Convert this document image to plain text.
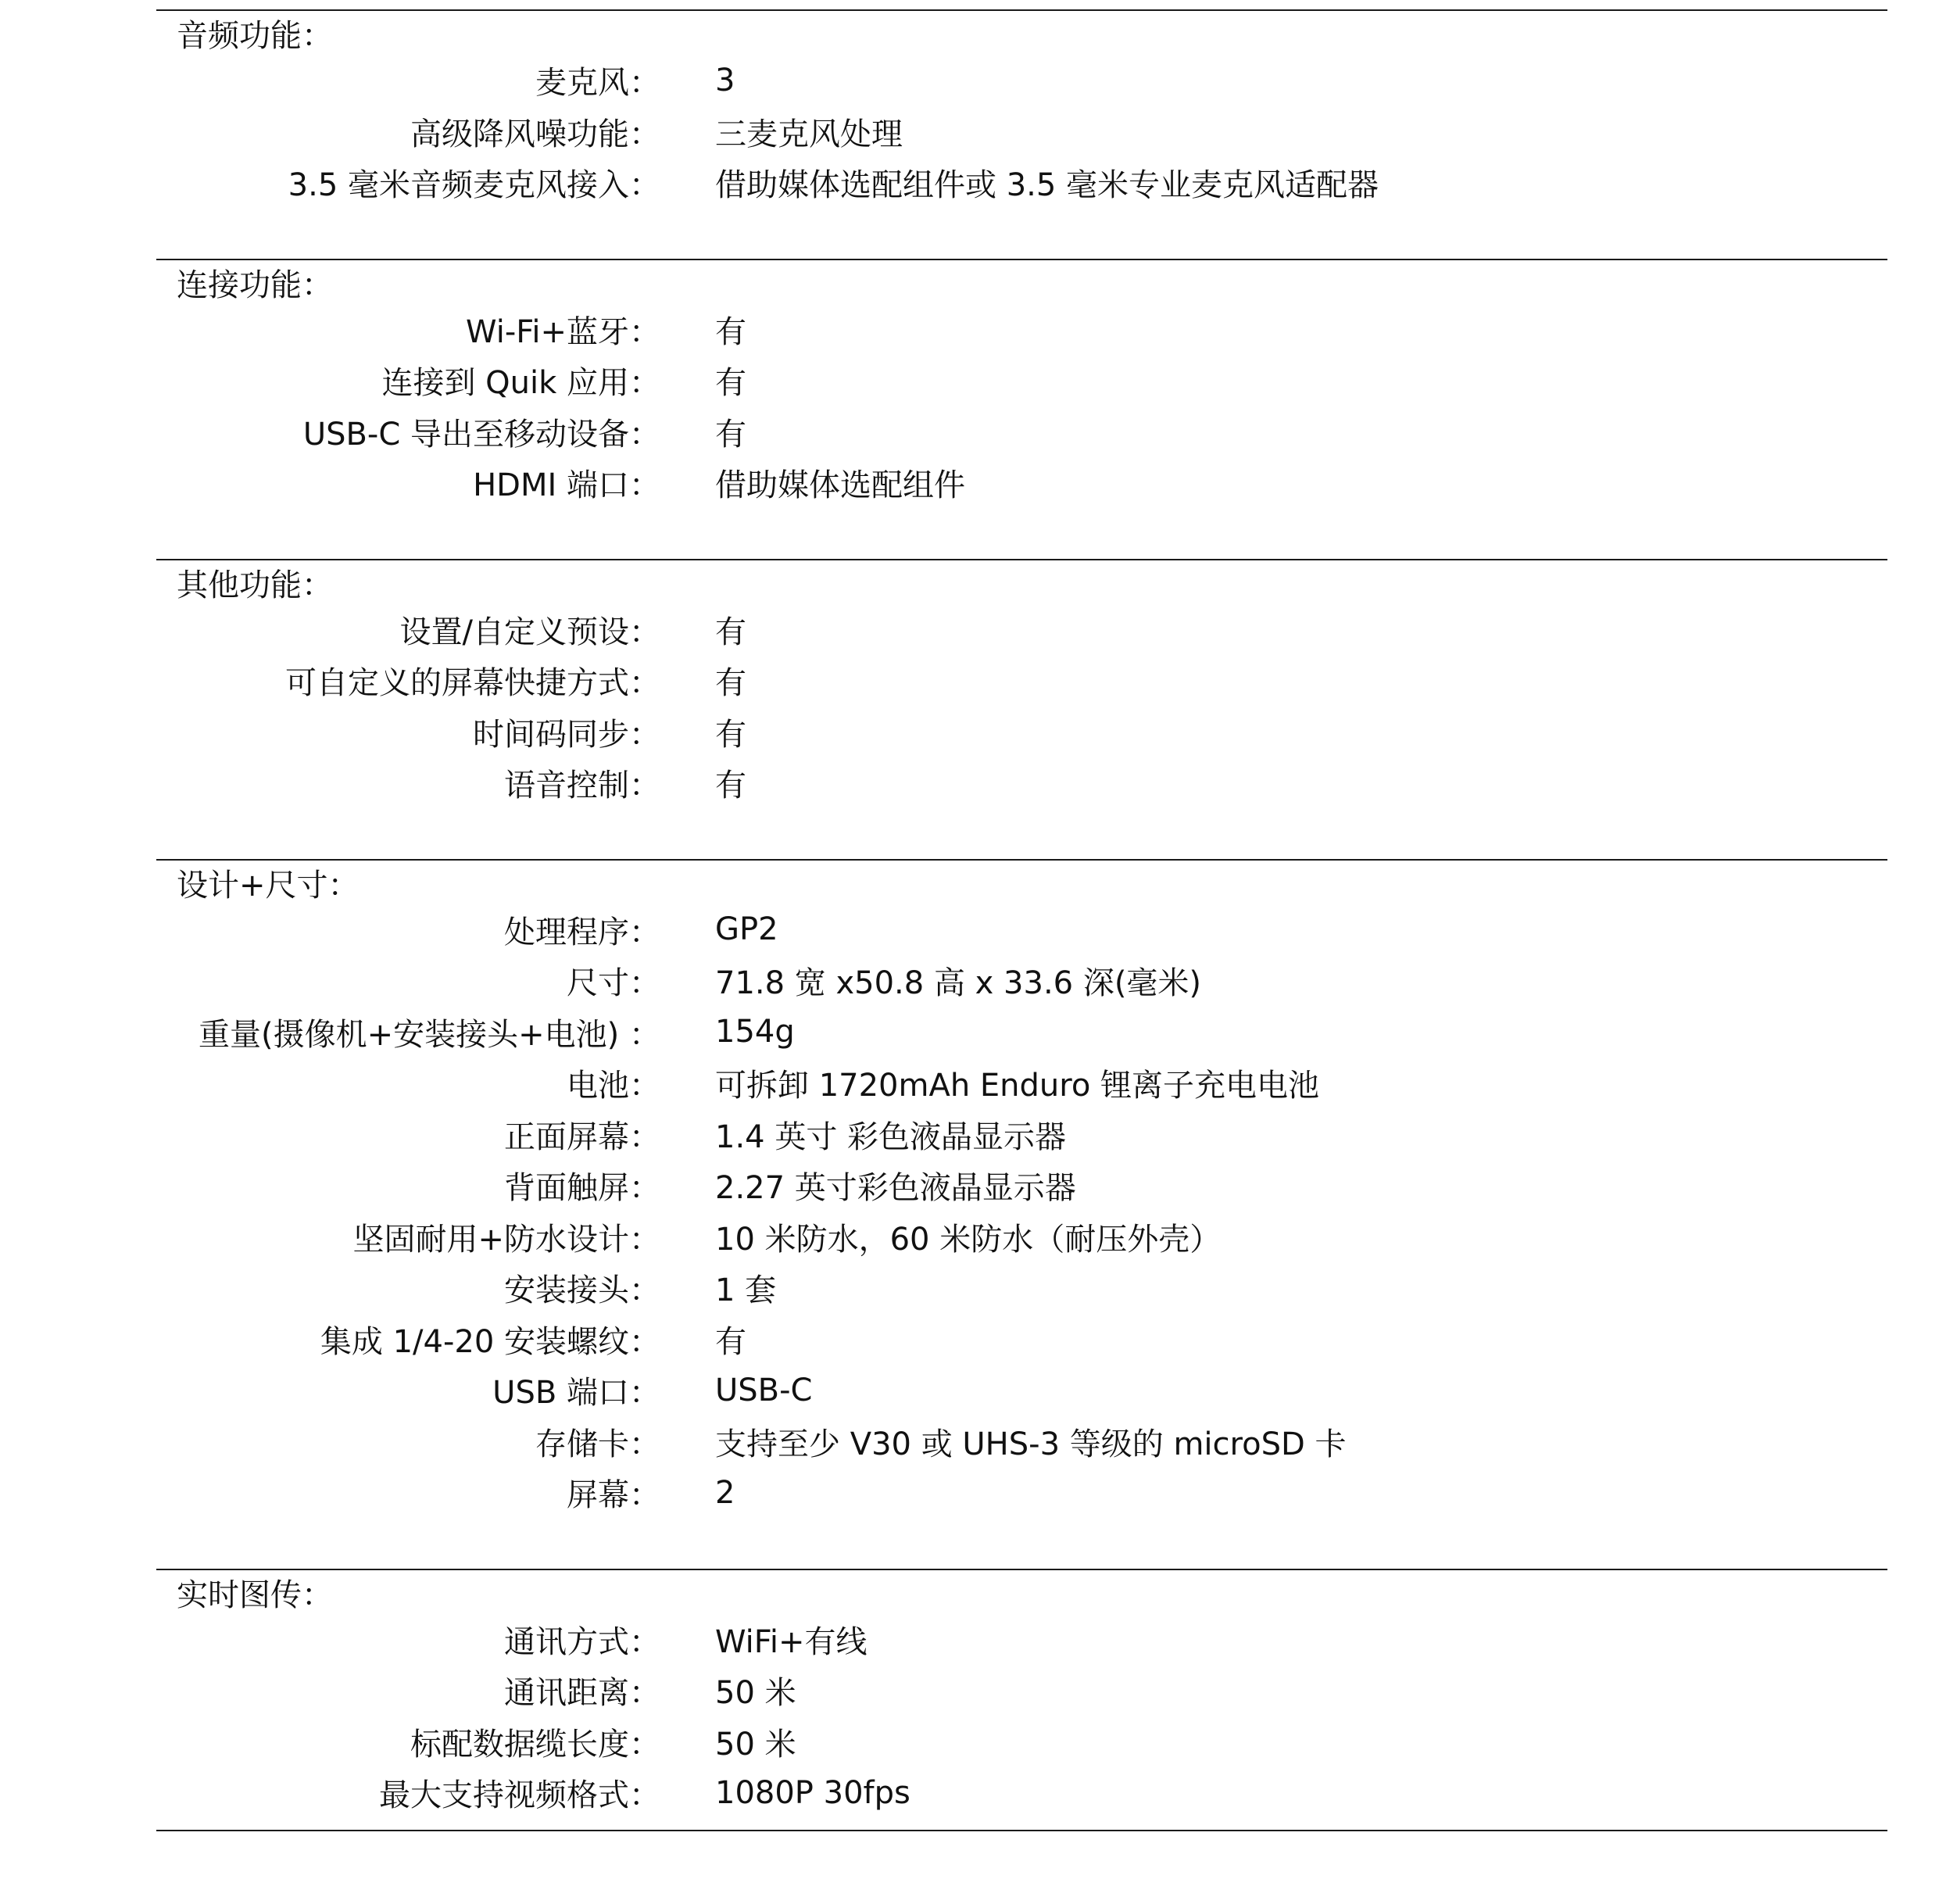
音频功能：
麦克风： 3
高级降风噪功能： 三麦克风处理
3.5 毫米音频麦克风接入： 借助媒体选配组件或 3.5 毫米专业麦克风适配器
连接功能：
Wi-Fi+蓝牙： 有
连接到 Quik 应用： 有
USB-C 导出至移动设备： 有
HDMI 端口： 借助媒体选配组件
其他功能：
设置/自定义预设： 有
可自定义的屏幕快捷方式： 有
时间码同步： 有
语音控制： 有
设计+尺寸：
处理程序： GP2
尺寸： 71.8 宽 x50.8 高 x 33.6 深(毫米)
重量(摄像机+安装接头+电池) ： 154g
电池： 可拆卸 1720mAh Enduro 锂离子充电电池
正面屏幕： 1.4 英寸 彩色液晶显示器
背面触屏： 2.27 英寸彩色液晶显示器
坚固耐用+防水设计： 10 米防水，60 米防水（耐压外壳）
安装接头： 1 套
集成 1/4-20 安装螺纹： 有
USB 端口： USB-C
存储卡： 支持至少 V30 或 UHS-3 等级的 microSD 卡
屏幕： 2
实时图传：
通讯方式： WiFi+有线
通讯距离： 50 米
标配数据缆长度： 50 米
最大支持视频格式： 1080P 30fps
